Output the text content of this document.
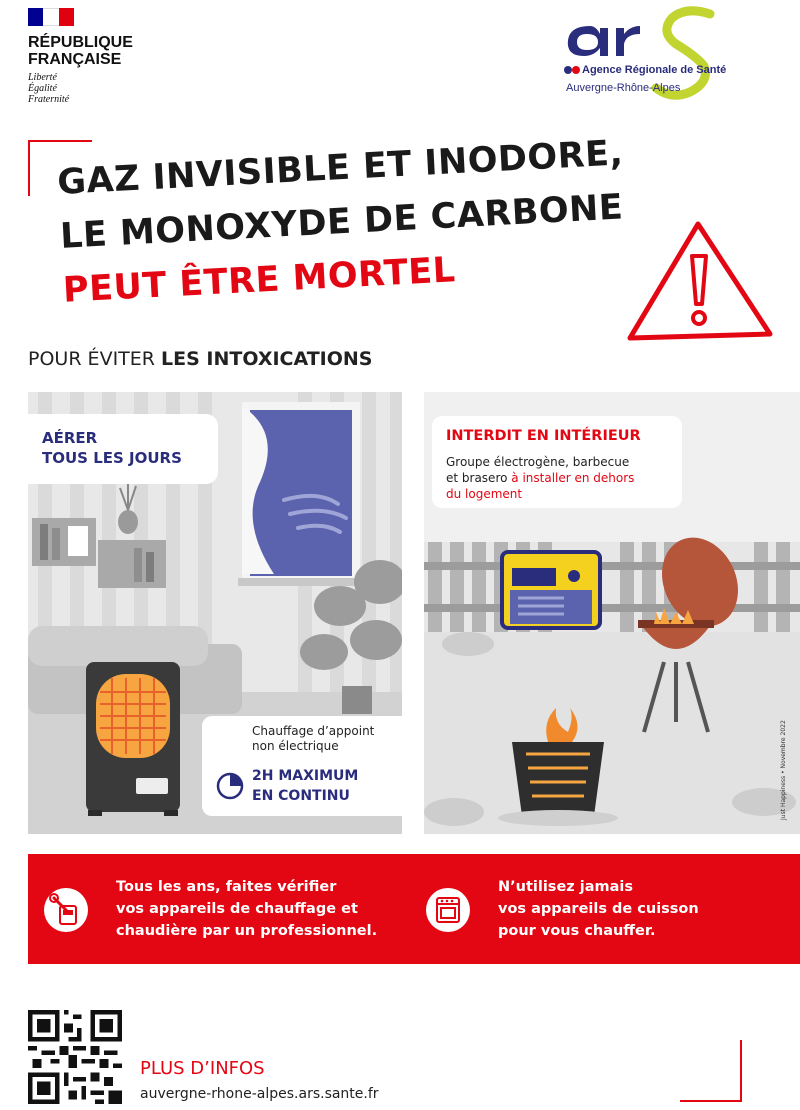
RÉPUBLIQUE
FRANÇAISE
Liberté
Égalité
Fraternité
Agence Régionale de Santé
Auvergne-Rhône-Alpes
GAZ INVISIBLE ET INODORE,
LE MONOXYDE DE CARBONE
PEUT ÊTRE MORTEL
POUR ÉVITER LES INTOXICATIONS
AÉRER
TOUS LES JOURS
Chauffage d’appoint
non électrique
2H MAXIMUM
EN CONTINU
INTERDIT EN INTÉRIEUR
Groupe électrogène, barbecue
et brasero à installer en dehors
du logement
Just Happiness • Novembre 2022
Tous les ans, faites vérifier
vos appareils de chauffage et
chaudière par un professionnel.
N’utilisez jamais
vos appareils de cuisson
pour vous chauffer.
PLUS D’INFOS
auvergne-rhone-alpes.ars.sante.fr
